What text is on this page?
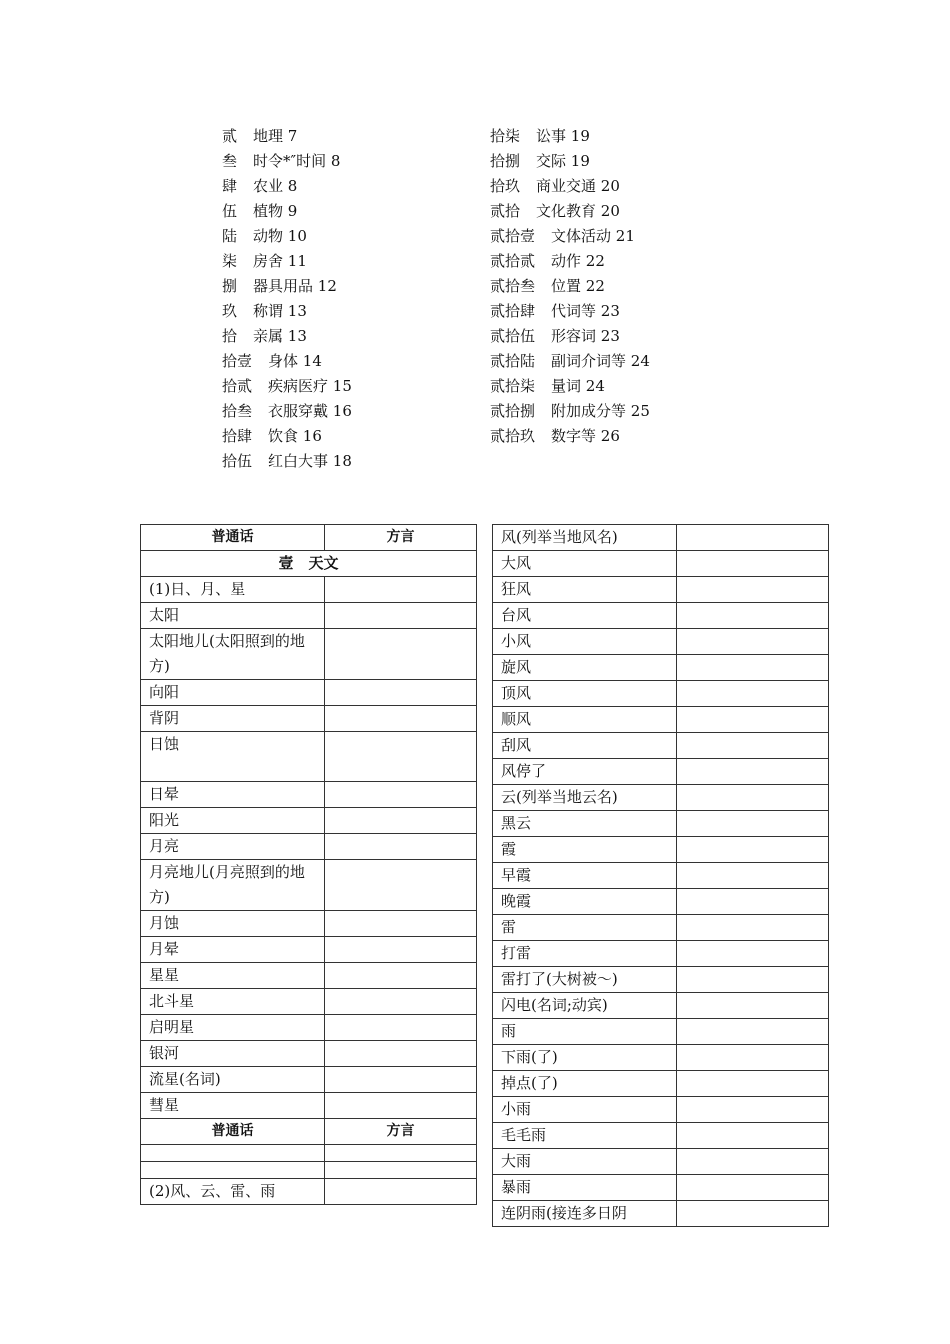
贰 地理 7
叁 时令*″时间 8
肆 农业 8
伍 植物 9
陆 动物 10
柒 房舍 11
捌 器具用品 12
玖 称谓 13
拾 亲属 13
拾壹 身体 14
拾贰 疾病医疗 15
拾叁 衣服穿戴 16
拾肆 饮食 16
拾伍 红白大事 18
拾柒 讼事 19
拾捌 交际 19
拾玖 商业交通 20
贰拾 文化教育 20
贰拾壹 文体活动 21
贰拾贰 动作 22
贰拾叁 位置 22
贰拾肆 代词等 23
贰拾伍 形容词 23
贰拾陆 副词介词等 24
贰拾柒 量词 24
贰拾捌 附加成分等 25
贰拾玖 数字等 26
普通话	方言
壹　天文	
(1)日、月、星	
太阳	
太阳地儿(太阳照到的地方)	
向阳	
背阴	
日蚀	
日晕	
阳光	
月亮	
月亮地儿(月亮照到的地方)	
月蚀	
月晕	
星星	
北斗星	
启明星	
银河	
流星(名词)	
彗星	
普通话	方言

(2)风、云、雷、雨	
风(列举当地风名)	
大风	
狂风	
台风	
小风	
旋风	
顶风	
顺风	
刮风	
风停了	
云(列举当地云名)	
黑云	
霞	
早霞	
晚霞	
雷	
打雷	
雷打了(大树被～)	
闪电(名词;动宾)	
雨	
下雨(了)	
掉点(了)	
小雨	
毛毛雨	
大雨	
暴雨	
连阴雨(接连多日阴	
